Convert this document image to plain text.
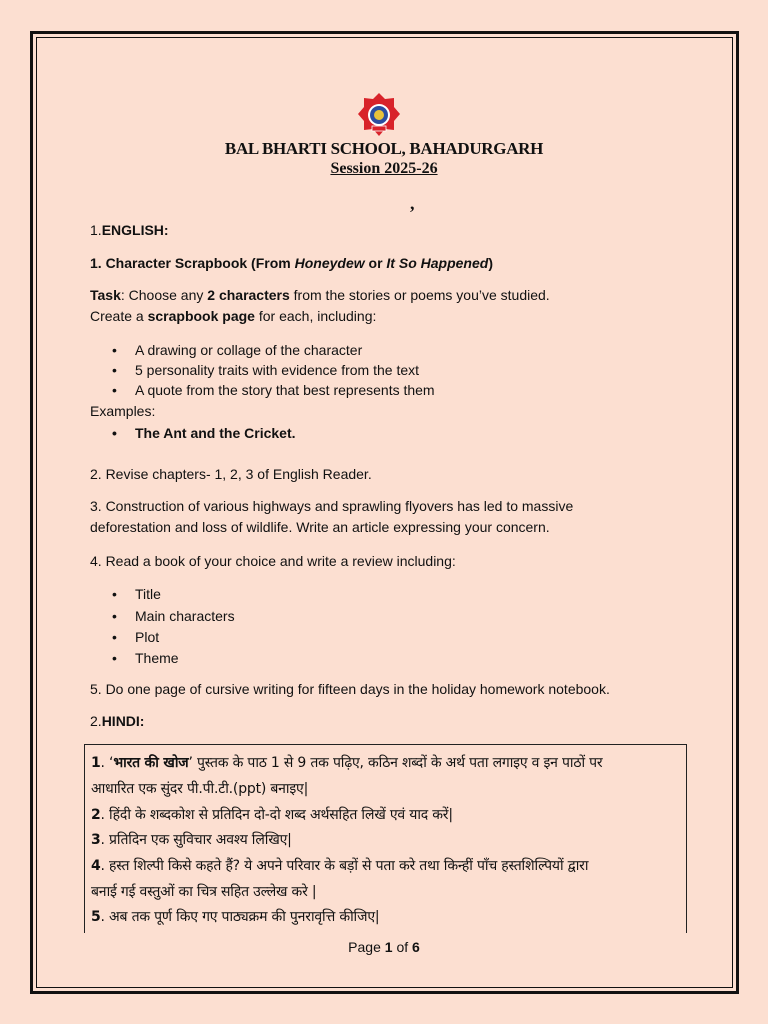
BAL BHARTI SCHOOL, BAHADURGARH
Session 2025-26
,
1.ENGLISH:
1. Character Scrapbook (From Honeydew or It So Happened)
Task: Choose any 2 characters from the stories or poems you’ve studied.
Create a scrapbook page for each, including:
• A drawing or collage of the character
• 5 personality traits with evidence from the text
• A quote from the story that best represents them
Examples:
• The Ant and the Cricket.
2. Revise chapters- 1, 2, 3 of English Reader.
3. Construction of various highways and sprawling flyovers has led to massive
deforestation and loss of wildlife. Write an article expressing your concern.
4. Read a book of your choice and write a review including:
• Title
• Main characters
• Plot
• Theme
5. Do one page of cursive writing for fifteen days in the holiday homework notebook.
2.HINDI:
1. ‘भारत की खोज’ पुस्तक के पाठ 1 से 9 तक पढ़िए, कठिन शब्दों के अर्थ पता लगाइए व इन पाठों पर
आधारित एक सुंदर पी.पी.टी.(ppt) बनाइए|
2. हिंदी के शब्दकोश से प्रतिदिन दो-दो शब्द अर्थसहित लिखें एवं याद करें|
3. प्रतिदिन एक सुविचार अवश्य लिखिए|
4. हस्त शिल्पी किसे कहते हैं? ये अपने परिवार के बड़ों से पता करे तथा किन्हीं पाँच हस्तशिल्पियों द्वारा
बनाई गई वस्तुओं का चित्र सहित उल्लेख करे |
5. अब तक पूर्ण किए गए पाठ्यक्रम की पुनरावृत्ति कीजिए|
Page 1 of 6
